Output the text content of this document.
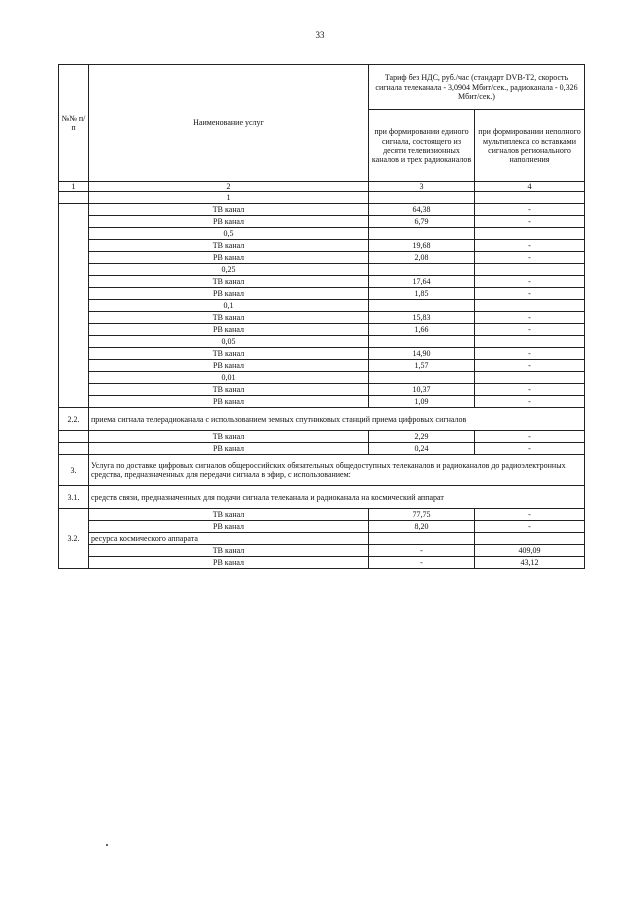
33
№№ п/п	Наименование услуг	Тариф без НДС, руб./час (стандарт DVB-T2, скорость сигнала телеканала - 3,0904 Мбит/сек., радиоканала - 0,326 Мбит/сек.)	
		при формировании единого сигнала, состоящего из десяти телевизионных каналов и трех радиоканалов	при формировании неполного мультиплекса со вставками сигналов регионального наполнения
1	2	3	4
	1		
	ТВ канал	64,38	-
	РВ канал	6,79	-
	0,5		
	ТВ канал	19,68	-
	РВ канал	2,08	-
	0,25		
	ТВ канал	17,64	-
	РВ канал	1,85	-
	0,1		
	ТВ канал	15,83	-
	РВ канал	1,66	-
	0,05		
	ТВ канал	14,90	-
	РВ канал	1,57	-
	0,01		
	ТВ канал	10,37	-
	РВ канал	1,09	-
2.2.	приема сигнала телерадиоканала с использованием земных спутниковых станций приема цифровых сигналов		
	ТВ канал	2,29	-
	РВ канал	0,24	-
3.	Услуга по доставке цифровых сигналов общероссийских обязательных общедоступных телеканалов и радиоканалов до радиоэлектронных средства, предназначенных для передачи сигнала в эфир, с использованием:		
3.1.	средств связи, предназначенных для подачи сигнала телеканала и радиоканала на космический аппарат		
	ТВ канал	77,75	-
	РВ канал	8,20	-
3.2.	ресурса космического аппарата		
	ТВ канал	-	409,09
	РВ канал	-	43,12
